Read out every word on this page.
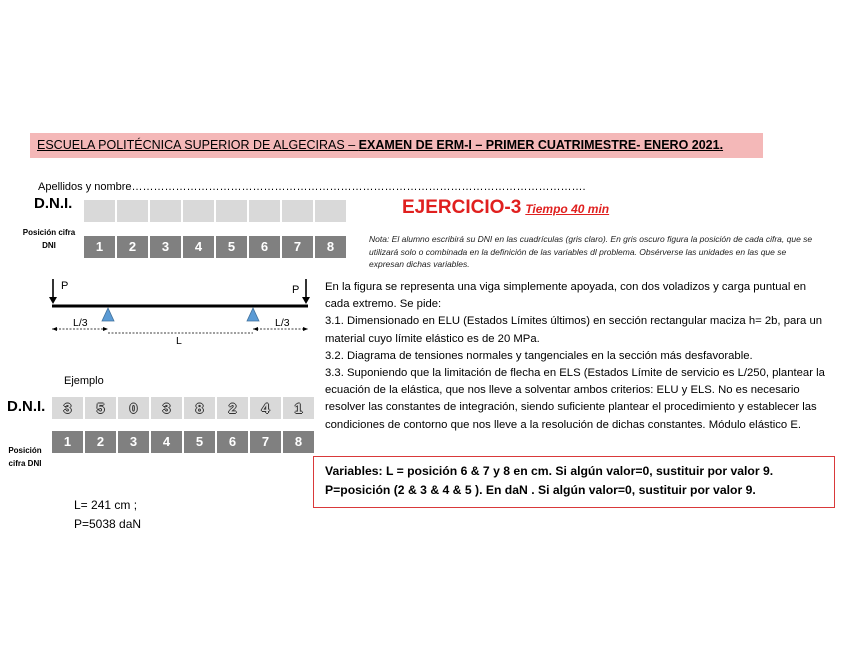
ESCUELA POLITÉCNICA SUPERIOR DE ALGECIRAS – EXAMEN DE ERM-I – PRIMER CUATRIMESTRE- ENERO 2021.
Apellidos y nombre…………………………………………………………………………………………………………….
D.N.I.
Posición cifra DNI	1	2	3	4	5	6	7	8
EJERCICIO-3 Tiempo 40 min
Nota: El alumno escribirá su DNI en las cuadrículas (gris claro). En gris oscuro figura la posición de cada cifra, que se utilizará solo o combinada en la definición de las variables dl problema. Obsérverse las unidades en las que se expresan dichas variables.
P	P
L/3	L/3
L

En la figura se representa una viga simplemente apoyada, con dos voladizos y carga puntual en cada extremo. Se pide:

3.1. Dimensionado en ELU (Estados Límites últimos) en sección rectangular maciza h= 2b, para un material cuyo límite elástico es de 20 MPa.

3.2. Diagrama de tensiones normales y tangenciales en la sección más desfavorable.

3.3. Suponiendo que la limitación de flecha en ELS (Estados Límite de servicio es L/250, plantear la ecuación de la elástica, que nos lleve a solventar ambos criterios: ELU y ELS. No es necesario resolver las constantes de integración, siendo suficiente plantear el procedimiento y establecer las condiciones de contorno que nos lleve a la resolución de dichas constantes. Módulo elástico E.

Variables: L = posición 6 & 7 y 8 en cm. Si algún valor=0, sustituir por valor 9.
P=posición (2 & 3 & 4 & 5 ). En daN . Si algún valor=0, sustituir por valor 9.
Ejemplo
D.N.I.	3	5	0	3	8	2	4	1
Posición cifra DNI
1	2	3	4	5	6	7	8
L= 241 cm ;
P=5038 daN
